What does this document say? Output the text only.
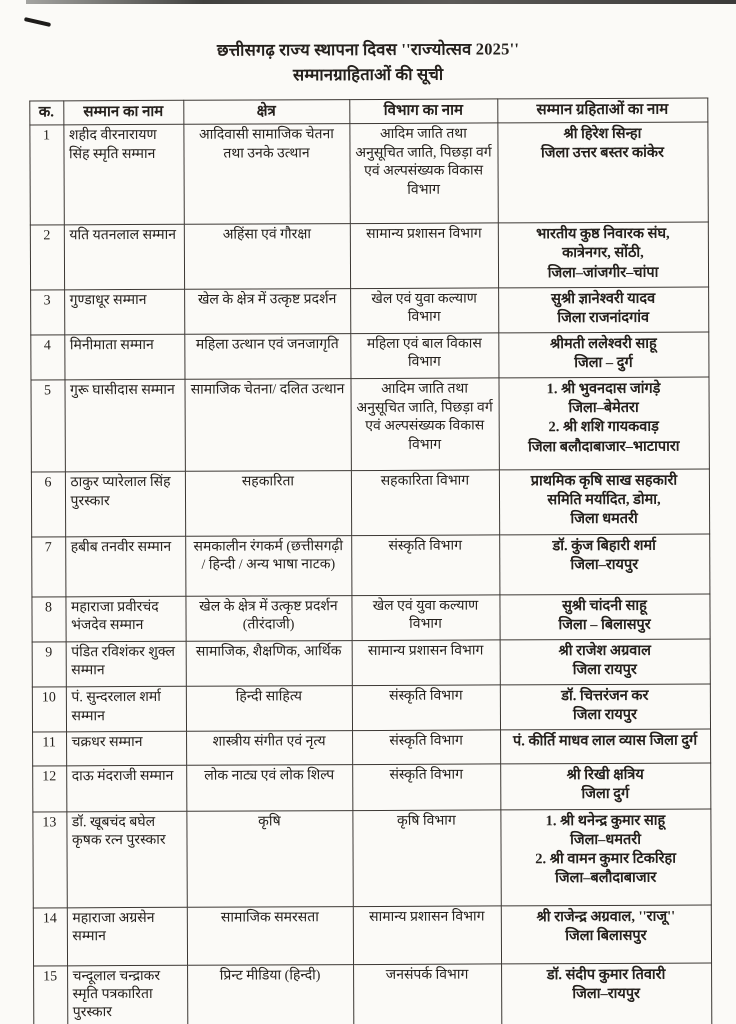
छत्तीसगढ़ राज्य स्थापना दिवस ''राज्योत्सव 2025''
सम्मानग्राहिताओं की सूची
क.	सम्मान का नाम	क्षेत्र	विभाग का नाम	सम्मान ग्रहिताओं का नाम
1	शहीद वीरनारायण सिंह स्मृति सम्मान	आदिवासी सामाजिक चेतना तथा उनके उत्थान	आदिम जाति तथा अनुसूचित जाति, पिछड़ा वर्ग एवं अल्पसंख्यक विकास विभाग	श्री हिरेश सिन्हा
जिला उत्तर बस्तर कांकेर
2	यति यतनलाल सम्मान	अहिंसा एवं गौरक्षा	सामान्य प्रशासन विभाग	भारतीय कुष्ठ निवारक संघ,
कात्रेनगर, सोंठी,
जिला–जांजगीर–चांपा
3	गुण्डाधूर सम्मान	खेल के क्षेत्र में उत्कृष्ट प्रदर्शन	खेल एवं युवा कल्याण विभाग	सुश्री ज्ञानेश्वरी यादव
जिला राजनांदगांव
4	मिनीमाता सम्मान	महिला उत्थान एवं जनजागृति	महिला एवं बाल विकास विभाग	श्रीमती ललेश्वरी साहू
जिला – दुर्ग
5	गुरू घासीदास सम्मान	सामाजिक चेतना/ दलित उत्थान	आदिम जाति तथा अनुसूचित जाति, पिछड़ा वर्ग एवं अल्पसंख्यक विकास विभाग	1. श्री भुवनदास जांगड़े
जिला–बेमेतरा
2. श्री शशि गायकवाड़
जिला बलौदाबाजार–भाटापारा
6	ठाकुर प्यारेलाल सिंह पुरस्कार	सहकारिता	सहकारिता विभाग	प्राथमिक कृषि साख सहकारी
समिति मर्यादित, डोमा,
जिला धमतरी
7	हबीब तनवीर सम्मान	समकालीन रंगकर्म (छत्तीसगढ़ी / हिन्दी / अन्य भाषा नाटक)	संस्कृति विभाग	डॉ. कुंज बिहारी शर्मा
जिला–रायपुर
8	महाराजा प्रवीरचंद भंजदेव सम्मान	खेल के क्षेत्र में उत्कृष्ट प्रदर्शन (तीरंदाजी)	खेल एवं युवा कल्याण विभाग	सुश्री चांदनी साहू
जिला – बिलासपुर
9	पंडित रविशंकर शुक्ल सम्मान	सामाजिक, शैक्षणिक, आर्थिक	सामान्य प्रशासन विभाग	श्री राजेश अग्रवाल
जिला रायपुर
10	पं. सुन्दरलाल शर्मा सम्मान	हिन्दी साहित्य	संस्कृति विभाग	डॉ. चित्तरंजन कर
जिला रायपुर
11	चक्रधर सम्मान	शास्त्रीय संगीत एवं नृत्य	संस्कृति विभाग	पं. कीर्ति माधव लाल व्यास जिला दुर्ग
12	दाऊ मंदराजी सम्मान	लोक नाट्य एवं लोक शिल्प	संस्कृति विभाग	श्री रिखी क्षत्रिय
जिला दुर्ग
13	डॉ. खूबचंद बघेल कृषक रत्न पुरस्कार	कृषि	कृषि विभाग	1. श्री थनेन्द्र कुमार साहू
जिला–धमतरी
2. श्री वामन कुमार टिकरिहा
जिला–बलौदाबाजार
14	महाराजा अग्रसेन सम्मान	सामाजिक समरसता	सामान्य प्रशासन विभाग	श्री राजेन्द्र अग्रवाल, ''राजू''
जिला बिलासपुर
15	चन्दूलाल चन्द्राकर स्मृति पत्रकारिता पुरस्कार	प्रिन्ट मीडिया (हिन्दी)	जनसंपर्क विभाग	डॉ. संदीप कुमार तिवारी
जिला–रायपुर
